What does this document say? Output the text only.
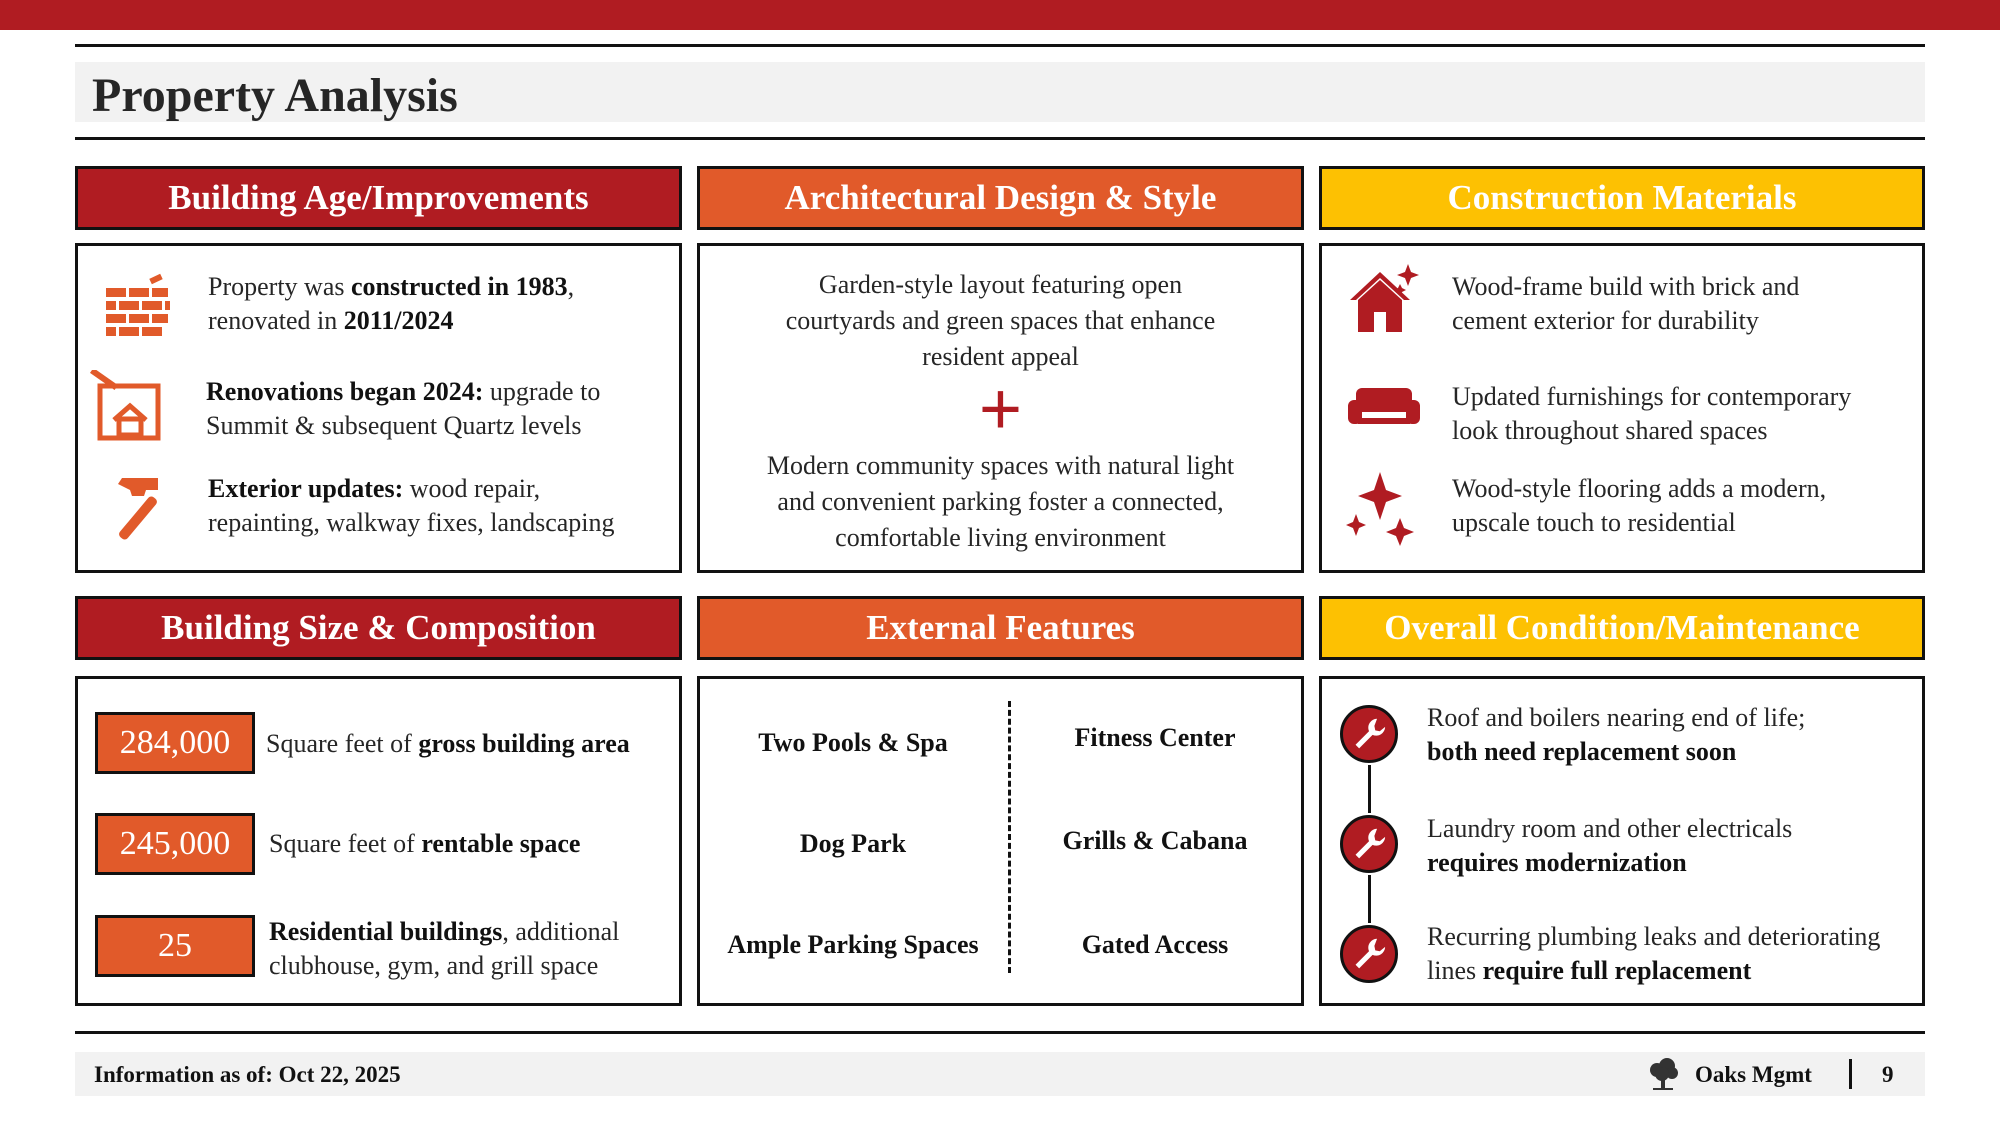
Property Analysis
Building Age/Improvements	Architectural Design & Style	Construction Materials
Building Size & Composition	External Features	Overall Condition/Maintenance
Property was constructed in 1983,
renovated in 2011/2024
Renovations began 2024: upgrade to
Summit & subsequent Quartz levels
Exterior updates: wood repair,
repainting, walkway fixes, landscaping
Garden-style layout featuring open
courtyards and green spaces that enhance
resident appeal
+
Modern community spaces with natural light
and convenient parking foster a connected,
comfortable living environment
Wood-frame build with brick and
cement exterior for durability
Updated furnishings for contemporary
look throughout shared spaces
Wood-style flooring adds a modern,
upscale touch to residential
284,000	Square feet of gross building area
245,000	Square feet of rentable space
25	Residential buildings, additional
clubhouse, gym, and grill space
Two Pools & Spa
Dog Park
Ample Parking Spaces
Fitness Center
Grills & Cabana
Gated Access
Roof and boilers nearing end of life;
both need replacement soon
Laundry room and other electricals
requires modernization
Recurring plumbing leaks and deteriorating
lines require full replacement
Information as of: Oct 22, 2025	Oaks Mgmt	9
